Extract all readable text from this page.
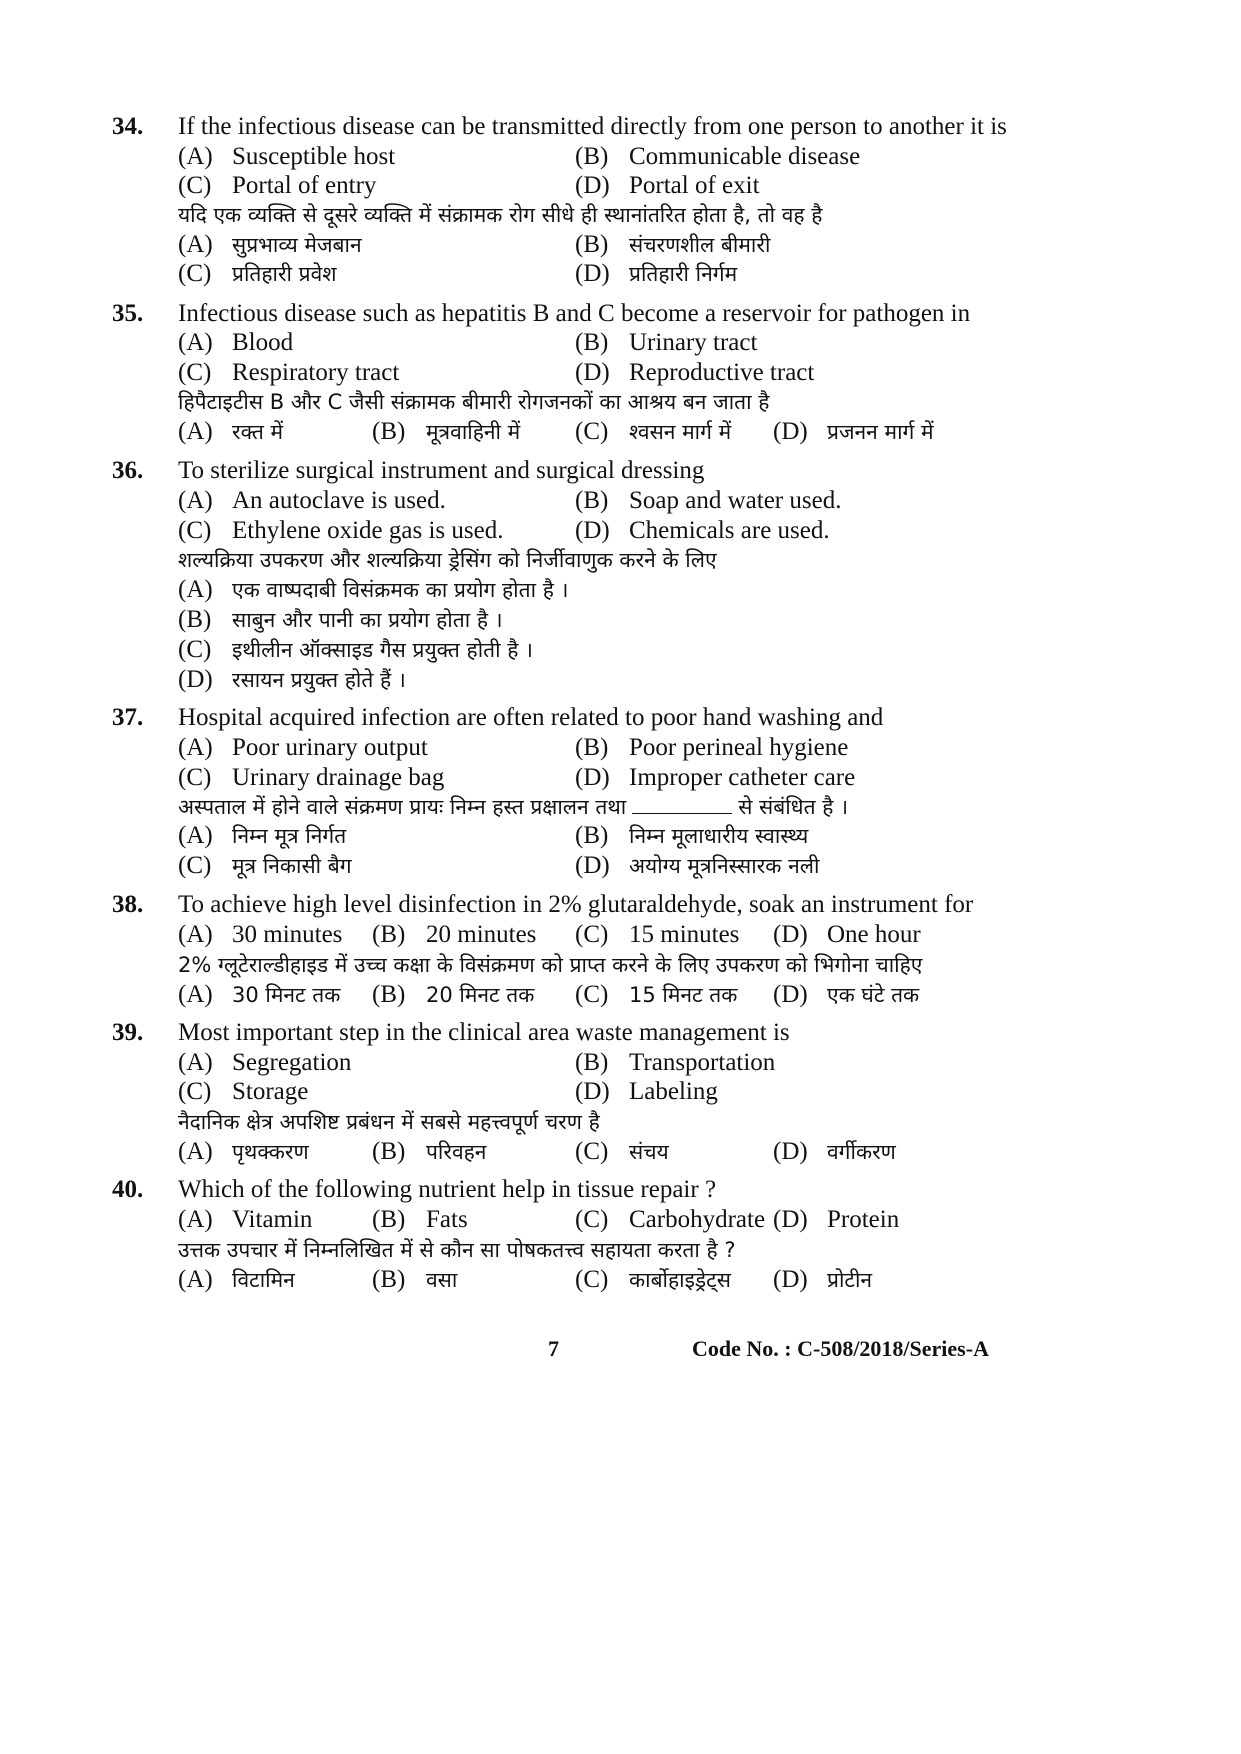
34. If the infectious disease can be transmitted directly from one person to another it is
(A) Susceptible host	(B) Communicable disease
(C) Portal of entry	(D) Portal of exit
यदि एक व्यक्ति से दूसरे व्यक्ति में संक्रामक रोग सीधे ही स्थानांतरित होता है, तो वह है
(A) सुप्रभाव्य मेजबान	(B) संचरणशील बीमारी
(C) प्रतिहारी प्रवेश	(D) प्रतिहारी निर्गम
35. Infectious disease such as hepatitis B and C become a reservoir for pathogen in
(A) Blood	(B) Urinary tract
(C) Respiratory tract	(D) Reproductive tract
हिपैटाइटीस B और C जैसी संक्रामक बीमारी रोगजनकों का आश्रय बन जाता है
(A) रक्त में	(B) मूत्रवाहिनी में (C) श्वसन मार्ग में (D) प्रजनन मार्ग में
36. To sterilize surgical instrument and surgical dressing
(A) An autoclave is used.	(B) Soap and water used.
(C) Ethylene oxide gas is used.	(D) Chemicals are used.
शल्यक्रिया उपकरण और शल्यक्रिया ड्रेसिंग को निर्जीवाणुक करने के लिए
(A) एक वाष्पदाबी विसंक्रमक का प्रयोग होता है ।
(B) साबुन और पानी का प्रयोग होता है ।
(C) इथीलीन ऑक्साइड गैस प्रयुक्त होती है ।
(D) रसायन प्रयुक्त होते हैं ।
37. Hospital acquired infection are often related to poor hand washing and
(A) Poor urinary output	(B) Poor perineal hygiene
(C) Urinary drainage bag	(D) Improper catheter care
अस्पताल में होने वाले संक्रमण प्रायः निम्न हस्त प्रक्षालन तथा	से संबंधित है ।
(A) निम्न मूत्र निर्गत	(B) निम्न मूलाधारीय स्वास्थ्य
(C) मूत्र निकासी बैग	(D) अयोग्य मूत्रनिस्सारक नली
38. To achieve high level disinfection in 2% glutaraldehyde, soak an instrument for
(A) 30 minutes (B) 20 minutes (C) 15 minutes (D) One hour
2% ग्लूटेराल्डीहाइड में उच्च कक्षा के विसंक्रमण को प्राप्त करने के लिए उपकरण को भिगोना चाहिए
(A) 30 मिनट तक (B) 20 मिनट तक (C) 15 मिनट तक (D) एक घंटे तक
39. Most important step in the clinical area waste management is
(A) Segregation	(B) Transportation
(C) Storage	(D) Labeling
नैदानिक क्षेत्र अपशिष्ट प्रबंधन में सबसे महत्त्वपूर्ण चरण है
(A) पृथक्करण	(B) परिवहन	(C) संचय	(D) वर्गीकरण
40. Which of the following nutrient help in tissue repair ?
(A) Vitamin (B) Fats	(C) Carbohydrate (D) Protein
उत्तक उपचार में निम्नलिखित में से कौन सा पोषकतत्त्व सहायता करता है ?
(A) विटामिन	(B) वसा	(C) कार्बोहाइड्रेट्स (D) प्रोटीन
7	Code No. : C-508/2018/Series-A
